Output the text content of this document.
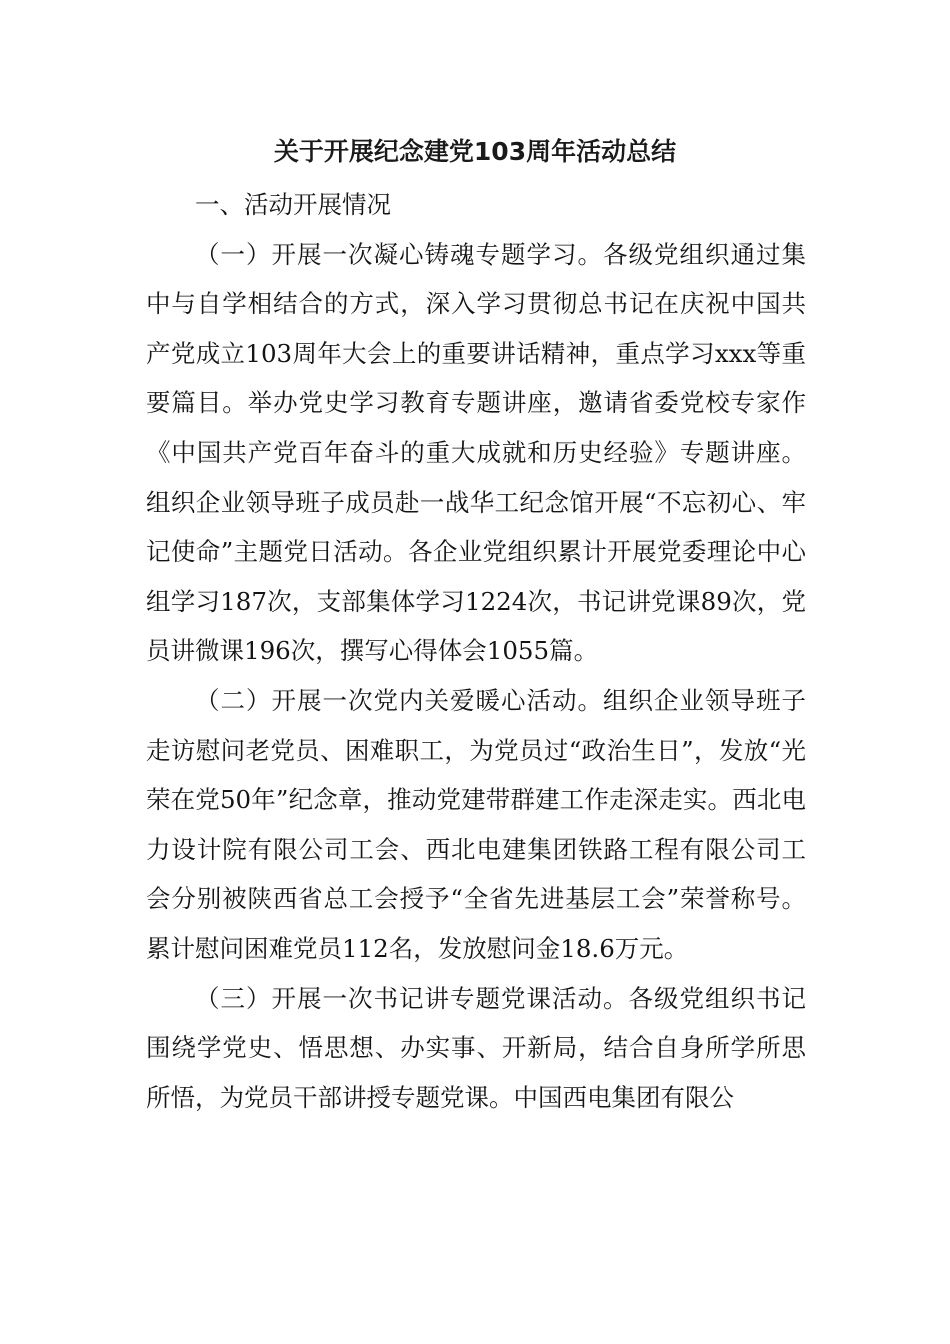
关于开展纪念建党103周年活动总结

一、活动开展情况

（一）开展一次凝心铸魂专题学习。各级党组织通过集中与自学相结合的方式，深入学习贯彻总书记在庆祝中国共产党成立103周年大会上的重要讲话精神，重点学习xxx等重要篇目。举办党史学习教育专题讲座，邀请省委党校专家作《中国共产党百年奋斗的重大成就和历史经验》专题讲座。组织企业领导班子成员赴一战华工纪念馆开展“不忘初心、牢记使命”主题党日活动。各企业党组织累计开展党委理论中心组学习187次，支部集体学习1224次，书记讲党课89次，党员讲微课196次，撰写心得体会1055篇。

（二）开展一次党内关爱暖心活动。组织企业领导班子走访慰问老党员、困难职工，为党员过“政治生日”，发放“光荣在党50年”纪念章，推动党建带群建工作走深走实。西北电力设计院有限公司工会、西北电建集团铁路工程有限公司工会分别被陕西省总工会授予“全省先进基层工会”荣誉称号。累计慰问困难党员112名，发放慰问金18.6万元。

（三）开展一次书记讲专题党课活动。各级党组织书记围绕学党史、悟思想、办实事、开新局，结合自身所学所思所悟，为党员干部讲授专题党课。中国西电集团有限公
